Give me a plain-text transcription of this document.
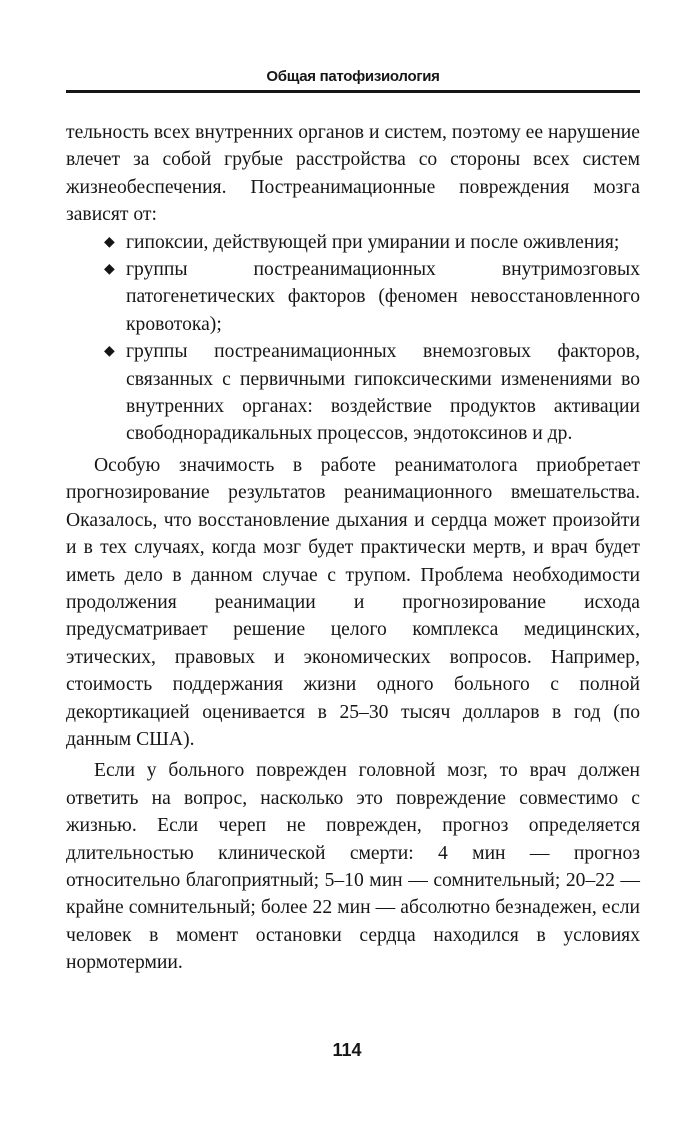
Общая патофизиология

тельность всех внутренних органов и систем, поэтому ее нарушение влечет за собой грубые расстройства со стороны всех систем жизнеобеспечения. Постреанимационные повреждения мозга зависят от:

◆ гипоксии, действующей при умирании и после оживления;
◆ группы постреанимационных внутримозговых патогенетических факторов (феномен невосстановленного кровотока);
◆ группы постреанимационных внемозговых факторов, связанных с первичными гипоксическими изменениями во внутренних органах: воздействие продуктов активации свободнорадикальных процессов, эндотоксинов и др.

Особую значимость в работе реаниматолога приобретает прогнозирование результатов реанимационного вмешательства. Оказалось, что восстановление дыхания и сердца может произойти и в тех случаях, когда мозг будет практически мертв, и врач будет иметь дело в данном случае с трупом. Проблема необходимости продолжения реанимации и прогнозирование исхода предусматривает решение целого комплекса медицинских, этических, правовых и экономических вопросов. Например, стоимость поддержания жизни одного больного с полной декортикацией оценивается в 25–30 тысяч долларов в год (по данным США).

Если у больного поврежден головной мозг, то врач должен ответить на вопрос, насколько это повреждение совместимо с жизнью. Если череп не поврежден, прогноз определяется длительностью клинической смерти: 4 мин — прогноз относительно благоприятный; 5–10 мин — сомнительный; 20–22 — крайне сомнительный; более 22 мин — абсолютно безнадежен, если человек в момент остановки сердца находился в условиях нормотермии.

114
